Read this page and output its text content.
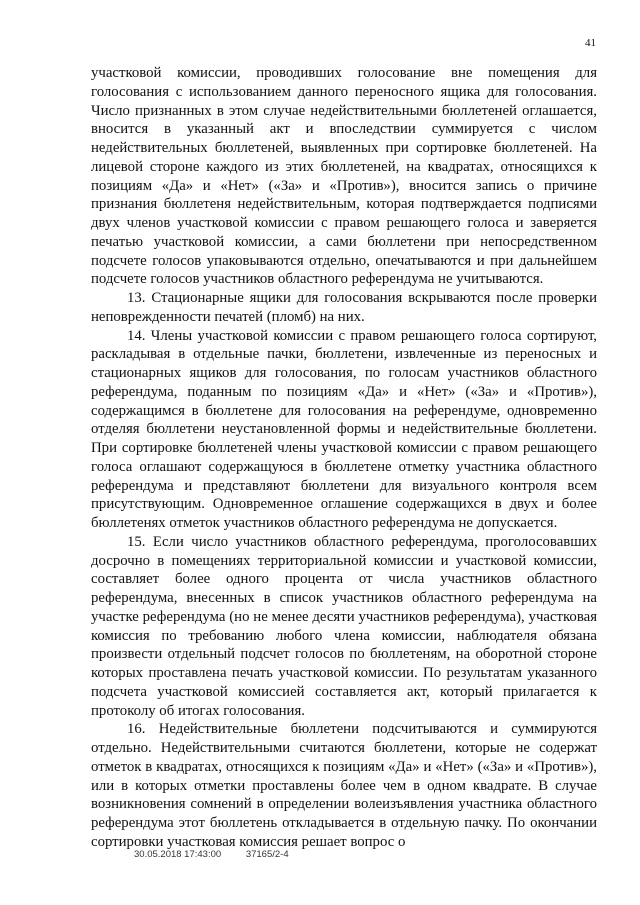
41

участковой комиссии, проводивших голосование вне помещения для голосования с использованием данного переносного ящика для голосования. Число признанных в этом случае недействительными бюллетеней оглашается, вносится в указанный акт и впоследствии суммируется с числом недействительных бюллетеней, выявленных при сортировке бюллетеней. На лицевой стороне каждого из этих бюллетеней, на квадратах, относящихся к позициям «Да» и «Нет» («За» и «Против»), вносится запись о причине признания бюллетеня недействительным, которая подтверждается подписями двух членов участковой комиссии с правом решающего голоса и заверяется печатью участковой комиссии, а сами бюллетени при непосредственном подсчете голосов упаковываются отдельно, опечатываются и при дальнейшем подсчете голосов участников областного референдума не учитываются.

13. Стационарные ящики для голосования вскрываются после проверки неповрежденности печатей (пломб) на них.

14. Члены участковой комиссии с правом решающего голоса сортируют, раскладывая в отдельные пачки, бюллетени, извлеченные из переносных и стационарных ящиков для голосования, по голосам участников областного референдума, поданным по позициям «Да» и «Нет» («За» и «Против»), содержащимся в бюллетене для голосования на референдуме, одновременно отделяя бюллетени неустановленной формы и недействительные бюллетени. При сортировке бюллетеней члены участковой комиссии с правом решающего голоса оглашают содержащуюся в бюллетене отметку участника областного референдума и представляют бюллетени для визуального контроля всем присутствующим. Одновременное оглашение содержащихся в двух и более бюллетенях отметок участников областного референдума не допускается.

15. Если число участников областного референдума, проголосовавших досрочно в помещениях территориальной комиссии и участковой комиссии, составляет более одного процента от числа участников областного референдума, внесенных в список участников областного референдума на участке референдума (но не менее десяти участников референдума), участковая комиссия по требованию любого члена комиссии, наблюдателя обязана произвести отдельный подсчет голосов по бюллетеням, на оборотной стороне которых проставлена печать участковой комиссии. По результатам указанного подсчета участковой комиссией составляется акт, который прилагается к протоколу об итогах голосования.

16. Недействительные бюллетени подсчитываются и суммируются отдельно. Недействительными считаются бюллетени, которые не содержат отметок в квадратах, относящихся к позициям «Да» и «Нет» («За» и «Против»), или в которых отметки проставлены более чем в одном квадрате. В случае возникновения сомнений в определении волеизъявления участника областного референдума этот бюллетень откладывается в отдельную пачку. По окончании сортировки участковая комиссия решает вопрос о

30.05.2018 17:43:00	37165/2-4
